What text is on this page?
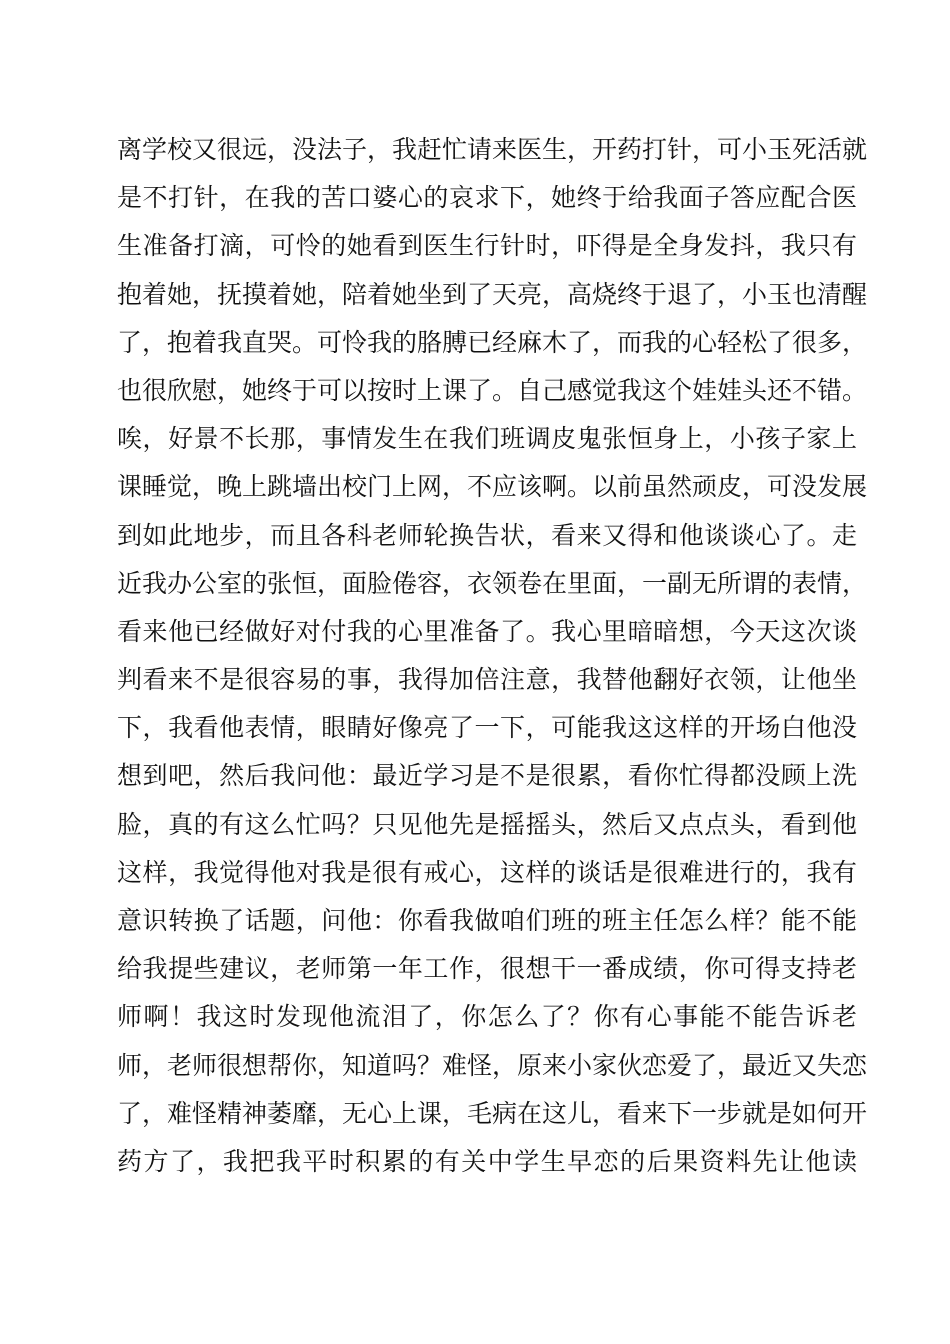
离学校又很远，没法子，我赶忙请来医生，开药打针，可小玉死活就
是不打针，在我的苦口婆心的哀求下，她终于给我面子答应配合医
生准备打滴，可怜的她看到医生行针时，吓得是全身发抖，我只有
抱着她，抚摸着她，陪着她坐到了天亮，高烧终于退了，小玉也清醒
了，抱着我直哭。可怜我的胳膊已经麻木了，而我的心轻松了很多，
也很欣慰，她终于可以按时上课了。自己感觉我这个娃娃头还不错。
唉，好景不长那，事情发生在我们班调皮鬼张恒身上，小孩子家上
课睡觉，晚上跳墙出校门上网，不应该啊。以前虽然顽皮，可没发展
到如此地步，而且各科老师轮换告状，看来又得和他谈谈心了。走
近我办公室的张恒，面脸倦容，衣领卷在里面，一副无所谓的表情，
看来他已经做好对付我的心里准备了。我心里暗暗想，今天这次谈
判看来不是很容易的事，我得加倍注意，我替他翻好衣领，让他坐
下，我看他表情，眼睛好像亮了一下，可能我这这样的开场白他没
想到吧，然后我问他：最近学习是不是很累，看你忙得都没顾上洗
脸，真的有这么忙吗？只见他先是摇摇头，然后又点点头，看到他
这样，我觉得他对我是很有戒心，这样的谈话是很难进行的，我有
意识转换了话题，问他：你看我做咱们班的班主任怎么样？能不能
给我提些建议，老师第一年工作，很想干一番成绩，你可得支持老
师啊！我这时发现他流泪了，你怎么了？你有心事能不能告诉老
师，老师很想帮你，知道吗？难怪，原来小家伙恋爱了，最近又失恋
了，难怪精神萎靡，无心上课，毛病在这儿，看来下一步就是如何开
药方了，我把我平时积累的有关中学生早恋的后果资料先让他读
